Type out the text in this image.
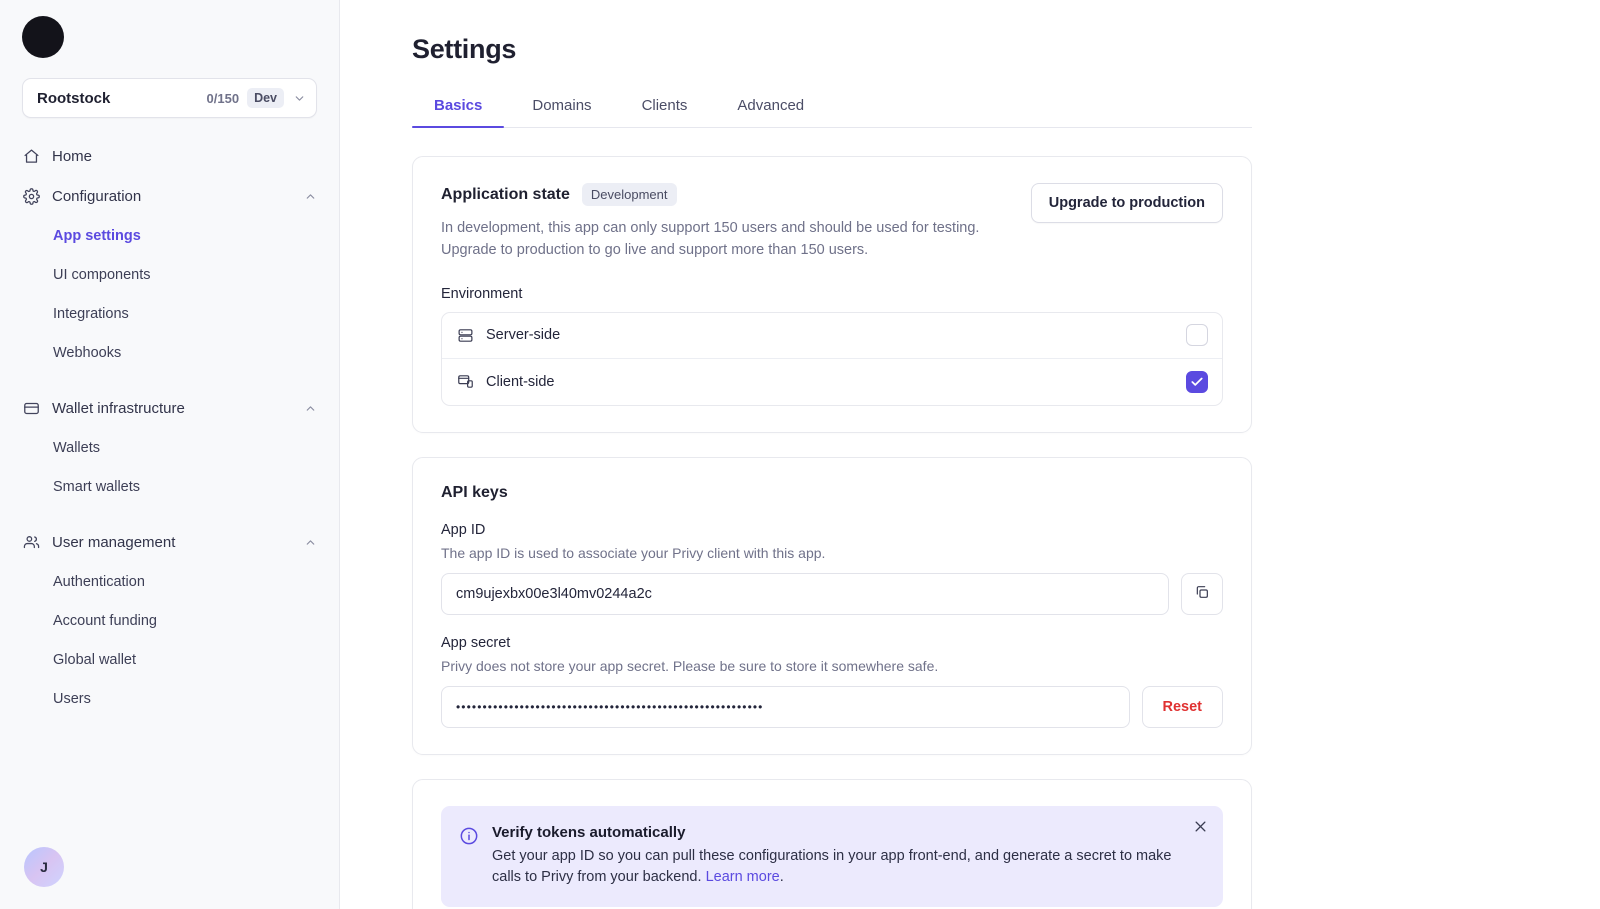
Rootstock	0/150	Dev
Home
Configuration
App settings
UI components
Integrations
Webhooks
Wallet infrastructure
Wallets
Smart wallets
User management
Authentication
Account funding
Global wallet
Users
J
Settings
Basics	Domains	Clients	Advanced
Application state	Development
In development, this app can only support 150 users and should be used for testing. Upgrade to production to go live and support more than 150 users.
Upgrade to production
Environment
Server-side
Client-side
API keys
App ID
The app ID is used to associate your Privy client with this app.
cm9ujexbx00e3l40mv0244a2c
App secret
Privy does not store your app secret. Please be sure to store it somewhere safe.
••••••••••••••••••••••••••••••••••••••••••••••••••••••••••	Reset
Verify tokens automatically
Get your app ID so you can pull these configurations in your app front-end, and generate a secret to make calls to Privy from your backend. Learn more.
